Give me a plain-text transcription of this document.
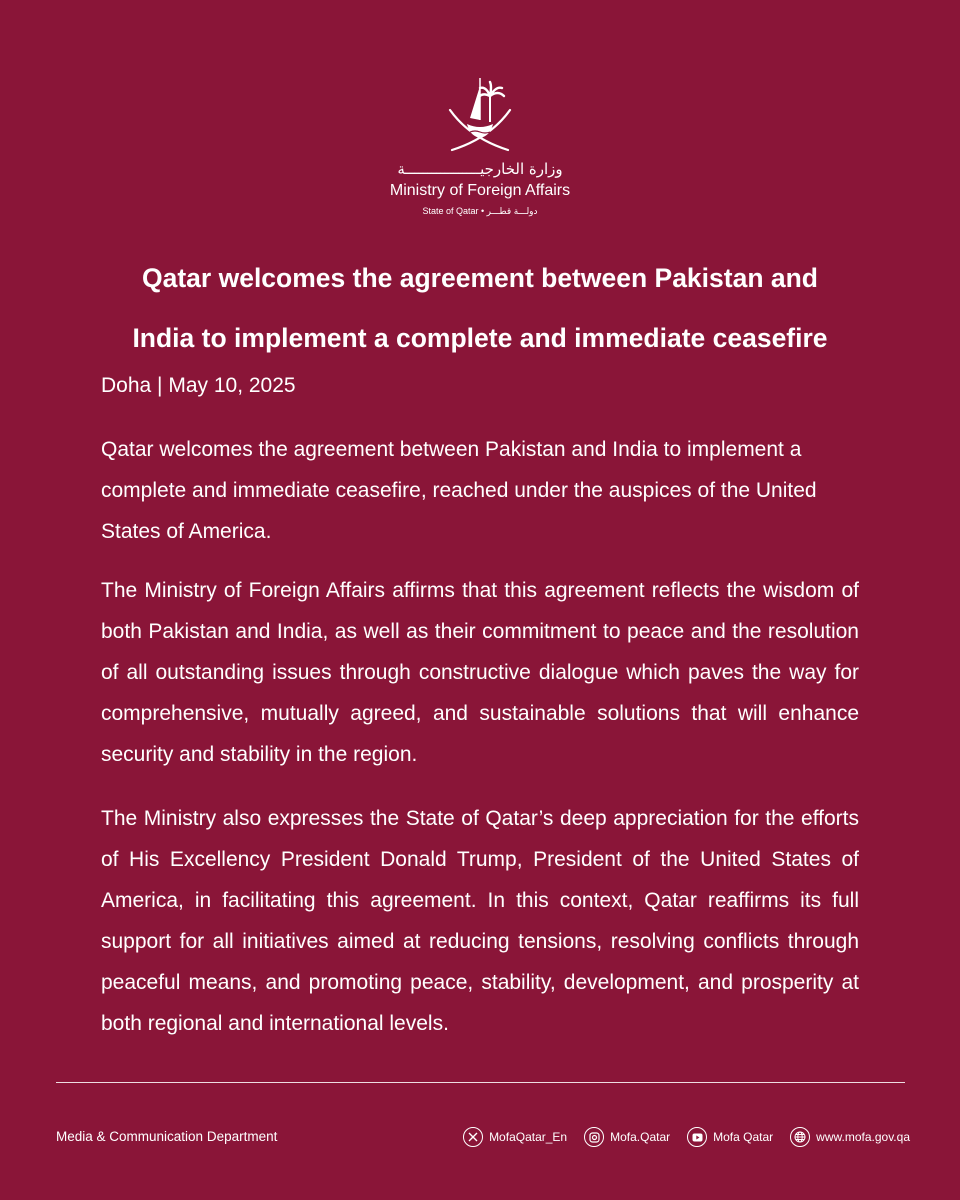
وزارة الخارجيـــــــــــــــــة
Ministry of Foreign Affairs
State of Qatar • دولـــة قطـــر
Qatar welcomes the agreement between Pakistan and
India to implement a complete and immediate ceasefire
Doha | May 10, 2025

Qatar welcomes the agreement between Pakistan and India to implement a complete and immediate ceasefire, reached under the auspices of the United States of America.

The Ministry of Foreign Affairs affirms that this agreement reflects the wisdom of both Pakistan and India, as well as their commitment to peace and the resolution of all outstanding issues through constructive dialogue which paves the way for comprehensive, mutually agreed, and sustainable solutions that will enhance security and stability in the region.

The Ministry also expresses the State of Qatar’s deep appreciation for the efforts of His Excellency President Donald Trump, President of the United States of America, in facilitating this agreement. In this context, Qatar reaffirms its full support for all initiatives aimed at reducing tensions, resolving conflicts through peaceful means, and promoting peace, stability, development, and prosperity at both regional and international levels.

Media & Communication Department	MofaQatar_En	Mofa.Qatar	Mofa Qatar	www.mofa.gov.qa
